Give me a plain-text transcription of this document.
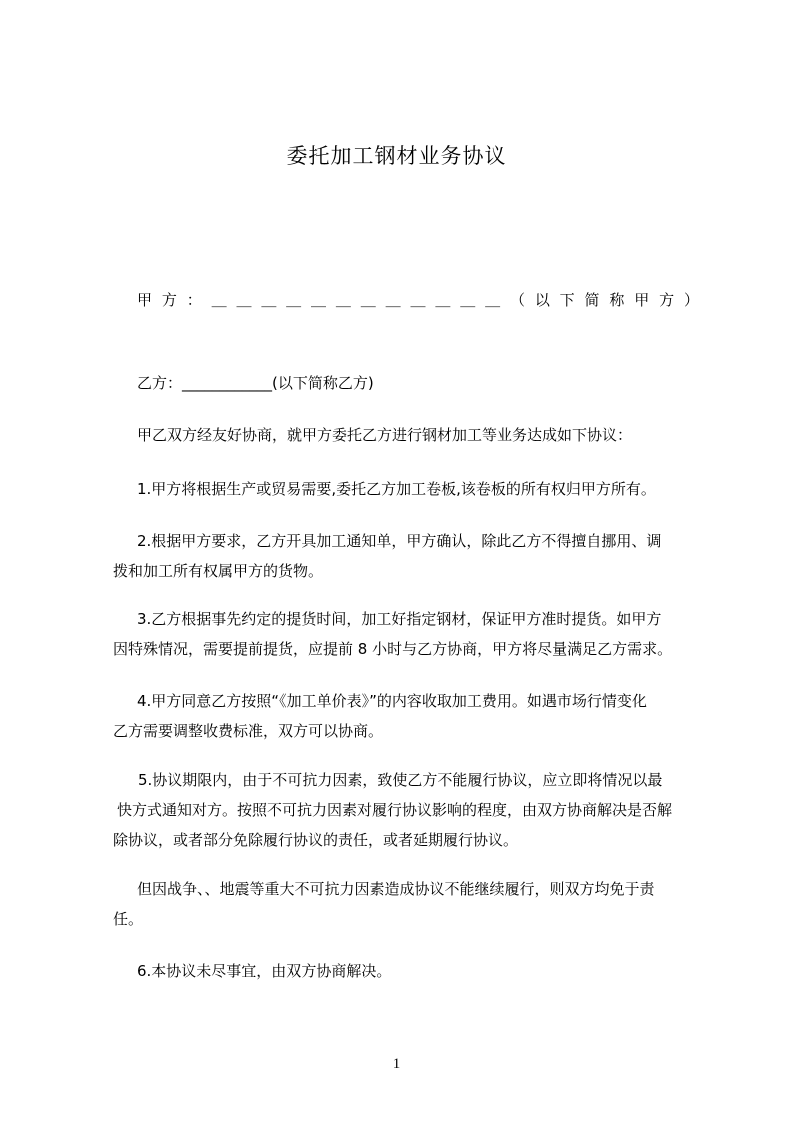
委托加工钢材业务协议
甲 方 ： ＿ ＿ ＿ ＿ ＿ ＿ ＿ ＿ ＿ ＿ ＿ ＿ （ 以 下 简 称 甲 方 ）
乙方：____________(以下简称乙方)
甲乙双方经友好协商，就甲方委托乙方进行钢材加工等业务达成如下协议：
1.甲方将根据生产或贸易需要,委托乙方加工卷板,该卷板的所有权归甲方所有。
2.根据甲方要求，乙方开具加工通知单，甲方确认，除此乙方不得擅自挪用、调
拨和加工所有权属甲方的货物。
3.乙方根据事先约定的提货时间，加工好指定钢材，保证甲方准时提货。如甲方
因特殊情况，需要提前提货，应提前 8 小时与乙方协商，甲方将尽量满足乙方需求。
4.甲方同意乙方按照“《加工单价表》”的内容收取加工费用。如遇市场行情变化
乙方需要调整收费标准，双方可以协商。
5.协议期限内，由于不可抗力因素，致使乙方不能履行协议，应立即将情况以最
快方式通知对方。按照不可抗力因素对履行协议影响的程度，由双方协商解决是否解
除协议，或者部分免除履行协议的责任，或者延期履行协议。
但因战争、、地震等重大不可抗力因素造成协议不能继续履行，则双方均免于责
任。
6.本协议未尽事宜，由双方协商解决。
1
